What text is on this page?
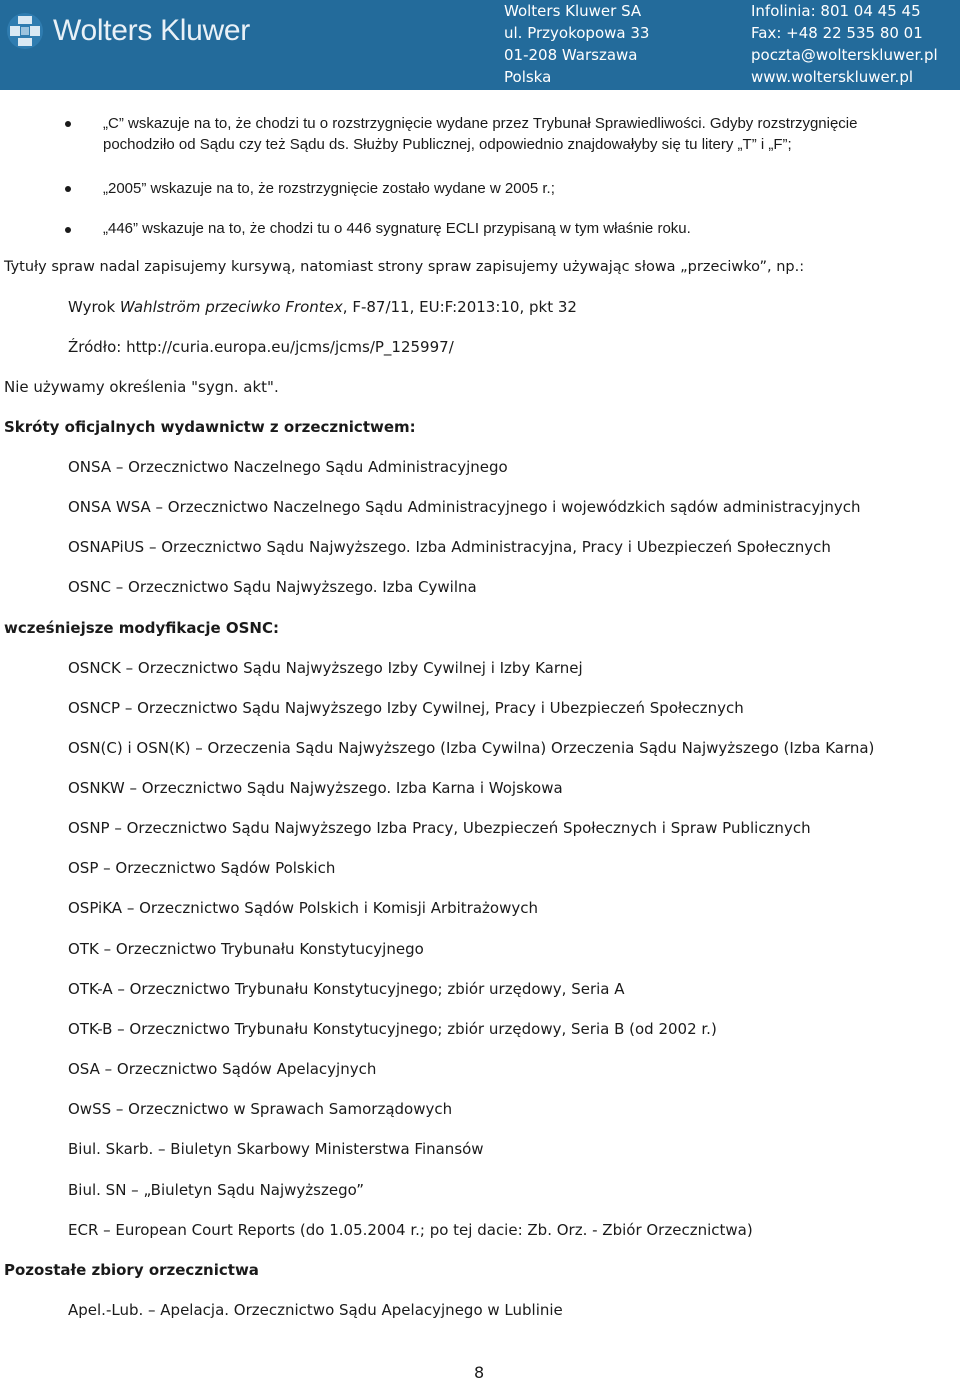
Wolters Kluwer
Wolters Kluwer SA
ul. Przyokopowa 33
01-208 Warszawa
Polska
Infolinia: 801 04 45 45
Fax: +48 22 535 80 01
poczta@wolterskluwer.pl
www.wolterskluwer.pl
„C” wskazuje na to, że chodzi tu o rozstrzygnięcie wydane przez Trybunał Sprawiedliwości. Gdyby rozstrzygnięcie
pochodziło od Sądu czy też Sądu ds. Służby Publicznej, odpowiednio znajdowałyby się tu litery „T” i „F”;
„2005” wskazuje na to, że rozstrzygnięcie zostało wydane w 2005 r.;
„446” wskazuje na to, że chodzi tu o 446 sygnaturę ECLI przypisaną w tym właśnie roku.
Tytuły spraw nadal zapisujemy kursywą, natomiast strony spraw zapisujemy używając słowa „przeciwko”, np.:
Wyrok Wahlström przeciwko Frontex, F-87/11, EU:F:2013:10, pkt 32
Źródło: http://curia.europa.eu/jcms/jcms/P_125997/
Nie używamy określenia "sygn. akt".
Skróty oficjalnych wydawnictw z orzecznictwem:
ONSA – Orzecznictwo Naczelnego Sądu Administracyjnego
ONSA WSA – Orzecznictwo Naczelnego Sądu Administracyjnego i wojewódzkich sądów administracyjnych
OSNAPiUS – Orzecznictwo Sądu Najwyższego. Izba Administracyjna, Pracy i Ubezpieczeń Społecznych
OSNC – Orzecznictwo Sądu Najwyższego. Izba Cywilna
wcześniejsze modyfikacje OSNC:
OSNCK – Orzecznictwo Sądu Najwyższego Izby Cywilnej i Izby Karnej
OSNCP – Orzecznictwo Sądu Najwyższego Izby Cywilnej, Pracy i Ubezpieczeń Społecznych
OSN(C) i OSN(K) – Orzeczenia Sądu Najwyższego (Izba Cywilna) Orzeczenia Sądu Najwyższego (Izba Karna)
OSNKW – Orzecznictwo Sądu Najwyższego. Izba Karna i Wojskowa
OSNP – Orzecznictwo Sądu Najwyższego Izba Pracy, Ubezpieczeń Społecznych i Spraw Publicznych
OSP – Orzecznictwo Sądów Polskich
OSPiKA – Orzecznictwo Sądów Polskich i Komisji Arbitrażowych
OTK – Orzecznictwo Trybunału Konstytucyjnego
OTK-A – Orzecznictwo Trybunału Konstytucyjnego; zbiór urzędowy, Seria A
OTK-B – Orzecznictwo Trybunału Konstytucyjnego; zbiór urzędowy, Seria B (od 2002 r.)
OSA – Orzecznictwo Sądów Apelacyjnych
OwSS – Orzecznictwo w Sprawach Samorządowych
Biul. Skarb. – Biuletyn Skarbowy Ministerstwa Finansów
Biul. SN – „Biuletyn Sądu Najwyższego”
ECR – European Court Reports (do 1.05.2004 r.; po tej dacie: Zb. Orz. - Zbiór Orzecznictwa)
Pozostałe zbiory orzecznictwa
Apel.-Lub. – Apelacja. Orzecznictwo Sądu Apelacyjnego w Lublinie
8
